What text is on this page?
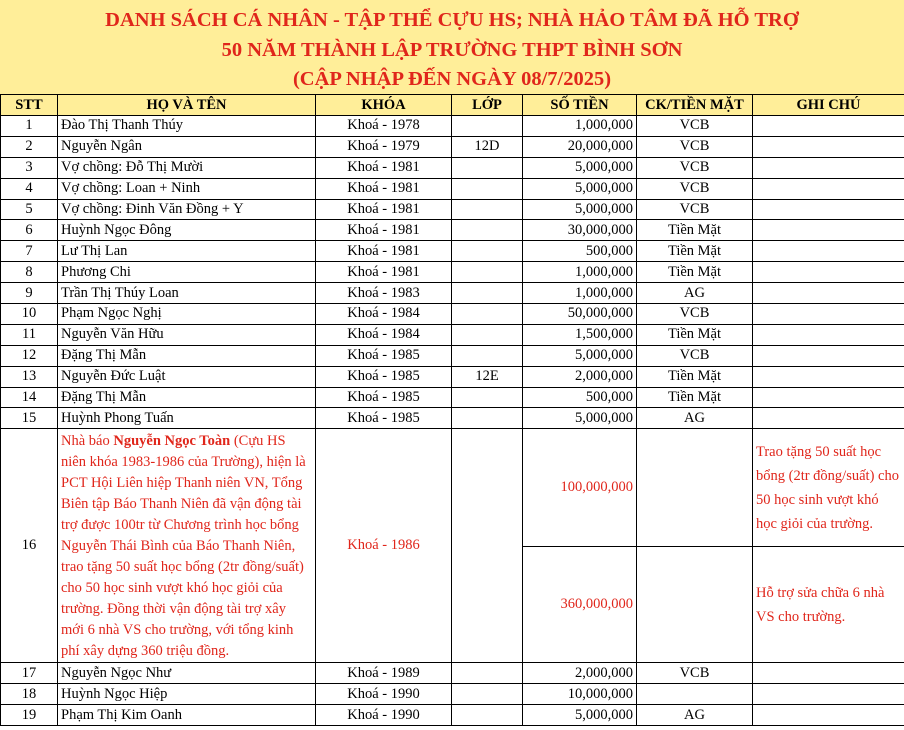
DANH SÁCH CÁ NHÂN - TẬP THỂ CỰU HS; NHÀ HẢO TÂM ĐÃ HỖ TRỢ
50 NĂM THÀNH LẬP TRƯỜNG THPT BÌNH SƠN
(CẬP NHẬP ĐẾN NGÀY 08/7/2025)
STT	HỌ VÀ TÊN	KHÓA	LỚP	SỐ TIỀN	CK/TIỀN MẶT	GHI CHÚ
1	Đào Thị Thanh Thúy	Khoá - 1978		1,000,000	VCB	
2	Nguyễn Ngân	Khoá - 1979	12D	20,000,000	VCB	
3	Vợ chồng: Đỗ Thị Mười	Khoá - 1981		5,000,000	VCB	
4	Vợ chồng: Loan + Ninh	Khoá - 1981		5,000,000	VCB	
5	Vợ chồng: Đinh Văn Đồng + Y	Khoá - 1981		5,000,000	VCB	
6	Huỳnh Ngọc Đông	Khoá - 1981		30,000,000	Tiền Mặt	
7	Lư Thị Lan	Khoá - 1981		500,000	Tiền Mặt	
8	Phương Chi	Khoá - 1981		1,000,000	Tiền Mặt	
9	Trần Thị Thúy Loan	Khoá - 1983		1,000,000	AG	
10	Phạm Ngọc Nghị	Khoá - 1984		50,000,000	VCB	
11	Nguyễn Văn Hữu	Khoá - 1984		1,500,000	Tiền Mặt	
12	Đặng Thị Mẫn	Khoá - 1985		5,000,000	VCB	
13	Nguyễn Đức Luật	Khoá - 1985	12E	2,000,000	Tiền Mặt	
14	Đặng Thị Mẫn	Khoá - 1985		500,000	Tiền Mặt	
15	Huỳnh Phong Tuấn	Khoá - 1985		5,000,000	AG	
16	Nhà báo Nguyễn Ngọc Toàn (Cựu HS niên khóa 1983-1986 của Trường), hiện là PCT Hội Liên hiệp Thanh niên VN, Tổng Biên tập Báo Thanh Niên đã vận động tài trợ được 100tr từ Chương trình học bổng Nguyễn Thái Bình của Báo Thanh Niên, trao tặng 50 suất học bổng (2tr đồng/suất) cho 50 học sinh vượt khó học giỏi của trường. Đồng thời vận động tài trợ xây mới 6 nhà VS cho trường, với tổng kinh phí xây dựng 360 triệu đồng.	Khoá - 1986		100,000,000		Trao tặng 50 suất học bổng (2tr đồng/suất) cho 50 học sinh vượt khó học giỏi của trường.
				360,000,000		Hỗ trợ sửa chữa 6 nhà VS cho trường.
17	Nguyễn Ngọc Như	Khoá - 1989		2,000,000	VCB	
18	Huỳnh Ngọc Hiệp	Khoá - 1990		10,000,000		
19	Phạm Thị Kim Oanh	Khoá - 1990		5,000,000	AG	
